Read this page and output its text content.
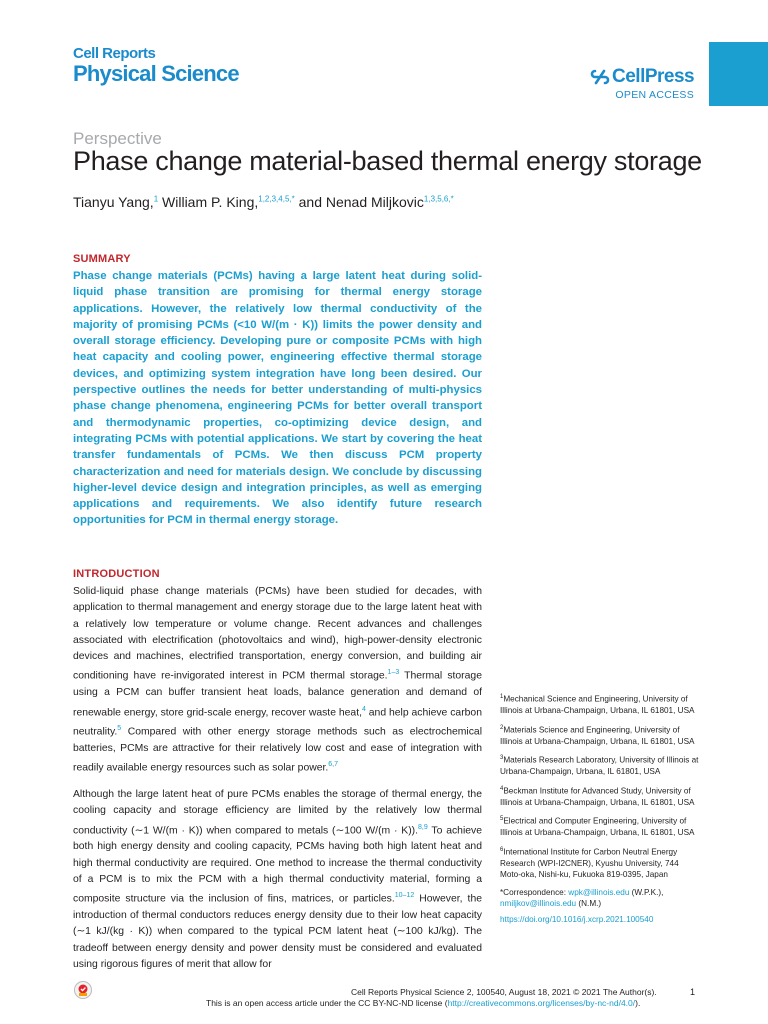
Cell Reports
Physical Science	CellPress
OPEN ACCESS
Perspective
Phase change material-based thermal energy storage
Tianyu Yang,$^1$ William P. King,$^{1,2,3,4,5,*}$ and Nenad Miljkovic$^{1,3,5,6,*}$
SUMMARY
Phase change materials (PCMs) having a large latent heat during solid-liquid phase transition are promising for thermal energy storage applications. However, the relatively low thermal conductivity of the majority of promising PCMs (<10 W/(m · K)) limits the power density and overall storage efficiency. Developing pure or composite PCMs with high heat capacity and cooling power, engineering effective thermal storage devices, and optimizing system integration have long been desired. Our perspective outlines the needs for better understanding of multi-physics phase change phenomena, engineering PCMs for better overall transport and thermodynamic properties, co-optimizing device design, and integrating PCMs with potential applications. We start by covering the heat transfer fundamentals of PCMs. We then discuss PCM property characterization and need for materials design. We conclude by discussing higher-level device design and integration principles, as well as emerging applications and requirements. We also identify future research opportunities for PCM in thermal energy storage.
INTRODUCTION
Solid-liquid phase change materials (PCMs) have been studied for decades, with application to thermal management and energy storage due to the large latent heat with a relatively low temperature or volume change. Recent advances and challenges associated with electrification (photovoltaics and wind), high-power-density electronic devices and machines, electrified transportation, energy conversion, and building air conditioning have re-invigorated interest in PCM thermal storage.$^{1-3}$ Thermal storage using a PCM can buffer transient heat loads, balance generation and demand of renewable energy, store grid-scale energy, recover waste heat,$^4$ and help achieve carbon neutrality.$^5$ Compared with other energy storage methods such as electrochemical batteries, PCMs are attractive for their relatively low cost and ease of integration with readily available energy resources such as solar power.$^{6,7}$
Although the large latent heat of pure PCMs enables the storage of thermal energy, the cooling capacity and storage efficiency are limited by the relatively low thermal conductivity (∼1 W/(m · K)) when compared to metals (∼100 W/(m · K)).$^{8,9}$ To achieve both high energy density and cooling capacity, PCMs having both high latent heat and high thermal conductivity are required. One method to increase the thermal conductivity of a PCM is to mix the PCM with a high thermal conductivity material, forming a composite structure via the inclusion of fins, matrices, or particles.$^{10-12}$ However, the introduction of thermal conductors reduces energy density due to their low heat capacity (∼1 kJ/(kg · K)) when compared to the typical PCM latent heat (∼100 kJ/kg). The tradeoff between energy density and power density must be considered and evaluated using rigorous figures of merit that allow for

$^1$Mechanical Science and Engineering, University of Illinois at Urbana-Champaign, Urbana, IL 61801, USA

$^2$Materials Science and Engineering, University of Illinois at Urbana-Champaign, Urbana, IL 61801, USA

$^3$Materials Research Laboratory, University of Illinois at Urbana-Champaign, Urbana, IL 61801, USA

$^4$Beckman Institute for Advanced Study, University of Illinois at Urbana-Champaign, Urbana, IL 61801, USA

$^5$Electrical and Computer Engineering, University of Illinois at Urbana-Champaign, Urbana, IL 61801, USA

$^6$International Institute for Carbon Neutral Energy Research (WPI-I2CNER), Kyushu University, 744 Moto-oka, Nishi-ku, Fukuoka 819-0395, Japan

*Correspondence: wpk@illinois.edu (W.P.K.), nmiljkov@illinois.edu (N.M.)

https://doi.org/10.1016/j.xcrp.2021.100540

Cell Reports Physical Science 2, 100540, August 18, 2021 © 2021 The Author(s).
This is an open access article under the CC BY-NC-ND license (http://creativecommons.org/licenses/by-nc-nd/4.0/).
1
